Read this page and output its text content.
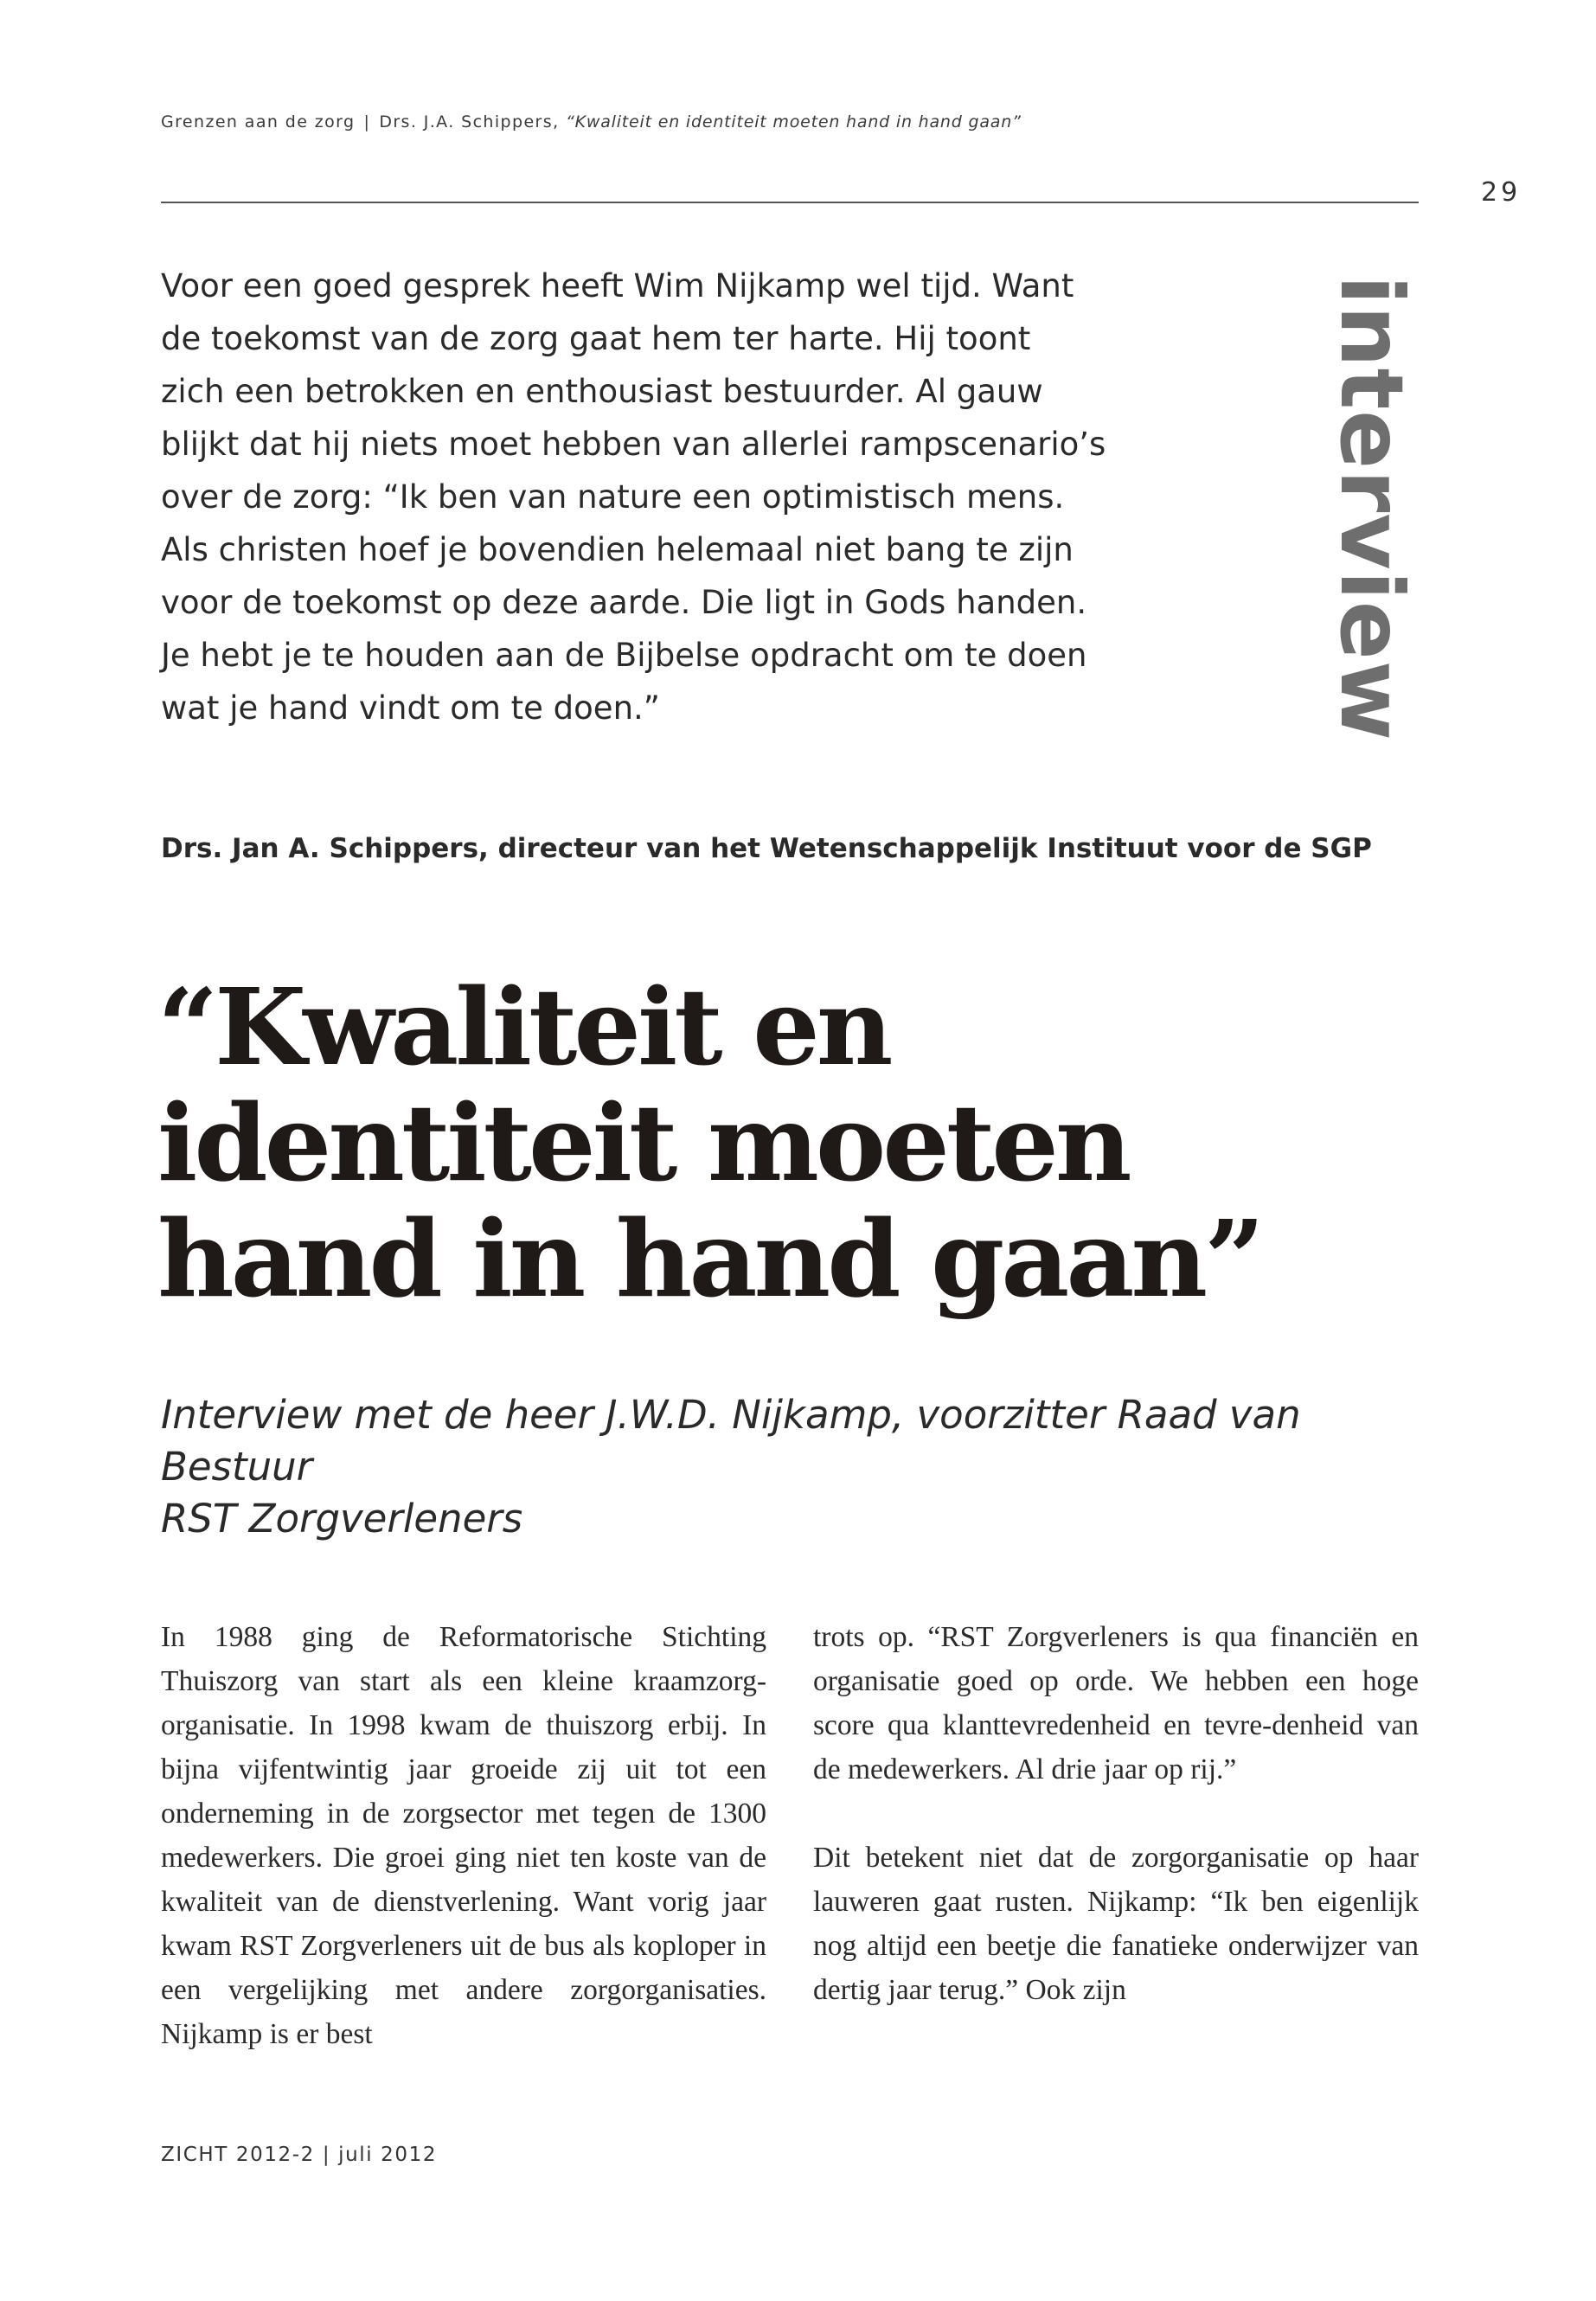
Grenzen aan de zorg | Drs. J.A. Schippers, “Kwaliteit en identiteit moeten hand in hand gaan”
29
Voor een goed gesprek heeft Wim Nijkamp wel tijd. Want
de toekomst van de zorg gaat hem ter harte. Hij toont
zich een betrokken en enthousiast bestuurder. Al gauw
blijkt dat hij niets moet hebben van allerlei rampscenario’s
over de zorg: “Ik ben van nature een optimistisch mens.
Als christen hoef je bovendien helemaal niet bang te zijn
voor de toekomst op deze aarde. Die ligt in Gods handen.
Je hebt je te houden aan de Bijbelse opdracht om te doen
wat je hand vindt om te doen.”	interview
Drs. Jan A. Schippers, directeur van het Wetenschappelijk Instituut voor de SGP
“Kwaliteit en
identiteit moeten
hand in hand gaan”
Interview met de heer J.W.D. Nijkamp, voorzitter Raad van Bestuur
RST Zorgverleners

In 1988 ging de Reformatorische Stichting Thuiszorg van start als een kleine kraamzorg-organisatie. In 1998 kwam de thuiszorg erbij. In bijna vijfentwintig jaar groeide zij uit tot een onderneming in de zorgsector met tegen de 1300 medewerkers. Die groei ging niet ten koste van de kwaliteit van de dienstverlening. Want vorig jaar kwam RST Zorgverleners uit de bus als koploper in een vergelijking met andere zorgorganisaties. Nijkamp is er best

trots op. “RST Zorgverleners is qua financiën en organisatie goed op orde. We hebben een hoge score qua klanttevredenheid en tevre-denheid van de medewerkers. Al drie jaar op rij.”

Dit betekent niet dat de zorgorganisatie op haar lauweren gaat rusten. Nijkamp: “Ik ben eigenlijk nog altijd een beetje die fanatieke onderwijzer van dertig jaar terug.” Ook zijn

ZICHT 2012-2 | juli 2012
